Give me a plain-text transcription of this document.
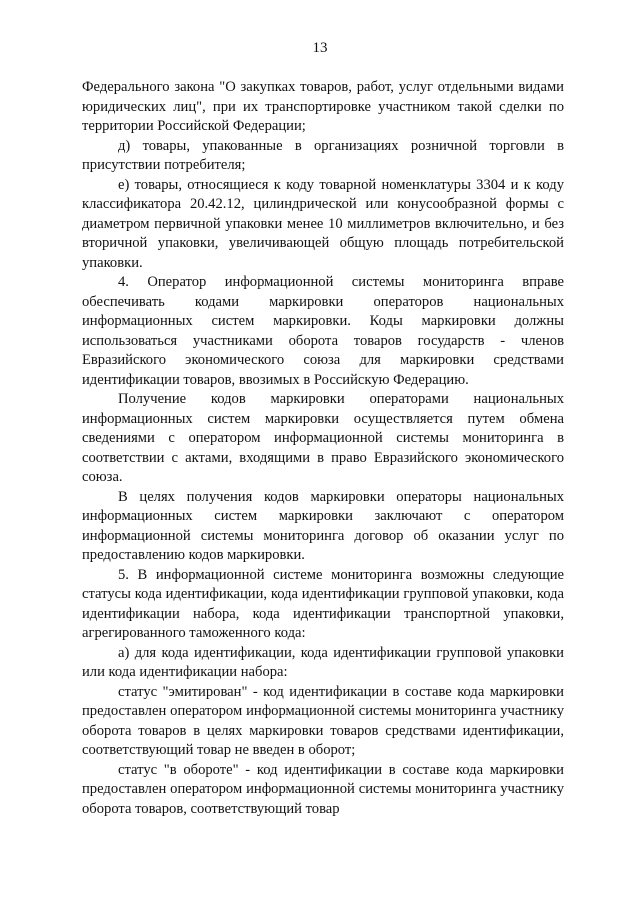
13

Федерального закона "О закупках товаров, работ, услуг отдельными видами юридических лиц", при их транспортировке участником такой сделки по территории Российской Федерации;

д) товары, упакованные в организациях розничной торговли в присутствии потребителя;

е) товары, относящиеся к коду товарной номенклатуры 3304 и к коду классификатора 20.42.12, цилиндрической или конусообразной формы с диаметром первичной упаковки менее 10 миллиметров включительно, и без вторичной упаковки, увеличивающей общую площадь потребительской упаковки.

4. Оператор информационной системы мониторинга вправе обеспечивать кодами маркировки операторов национальных информационных систем маркировки. Коды маркировки должны использоваться участниками оборота товаров государств - членов Евразийского экономического союза для маркировки средствами идентификации товаров, ввозимых в Российскую Федерацию.

Получение кодов маркировки операторами национальных информационных систем маркировки осуществляется путем обмена сведениями с оператором информационной системы мониторинга в соответствии с актами, входящими в право Евразийского экономического союза.

В целях получения кодов маркировки операторы национальных информационных систем маркировки заключают с оператором информационной системы мониторинга договор об оказании услуг по предоставлению кодов маркировки.

5. В информационной системе мониторинга возможны следующие статусы кода идентификации, кода идентификации групповой упаковки, кода идентификации набора, кода идентификации транспортной упаковки, агрегированного таможенного кода:

а) для кода идентификации, кода идентификации групповой упаковки или кода идентификации набора:

статус "эмитирован" - код идентификации в составе кода маркировки предоставлен оператором информационной системы мониторинга участнику оборота товаров в целях маркировки товаров средствами идентификации, соответствующий товар не введен в оборот;

статус "в обороте" - код идентификации в составе кода маркировки предоставлен оператором информационной системы мониторинга участнику оборота товаров, соответствующий товар
